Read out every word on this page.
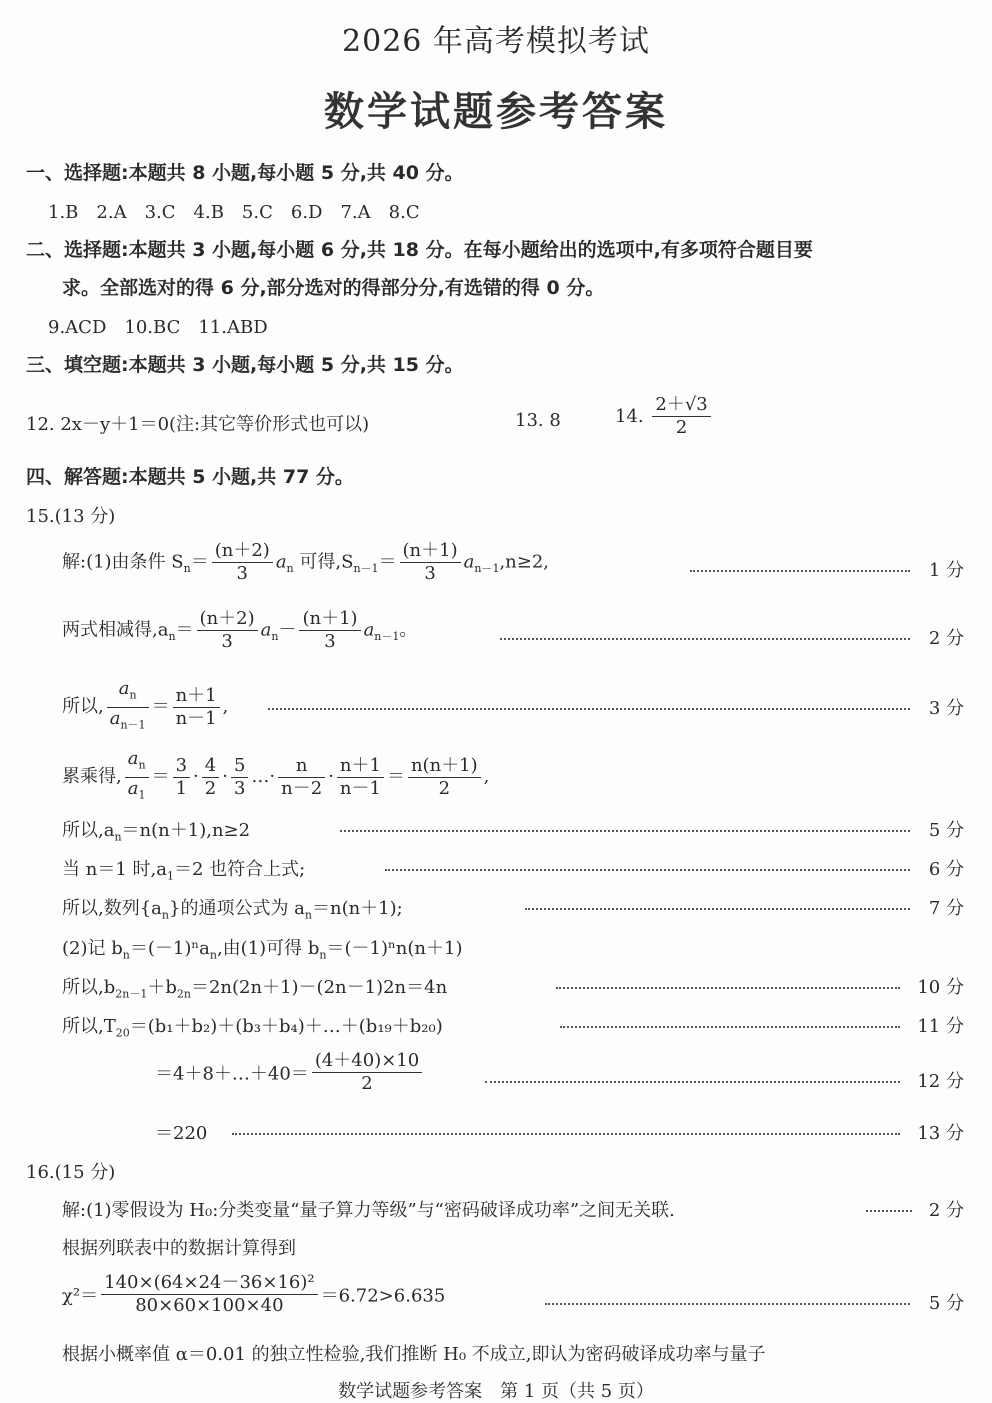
2026 年高考模拟考试
数学试题参考答案
一、选择题:本题共 8 小题,每小题 5 分,共 40 分。
1.B　2.A　3.C　4.B　5.C　6.D　7.A　8.C
二、选择题:本题共 3 小题,每小题 6 分,共 18 分。在每小题给出的选项中,有多项符合题目要
求。全部选对的得 6 分,部分选对的得部分分,有选错的得 0 分。
9.ACD　10.BC　11.ABD
三、填空题:本题共 3 小题,每小题 5 分,共 15 分。
12. 2x－y＋1＝0(注:其它等价形式也可以)	13. 8	14. $\frac{2+√3}{2}$
四、解答题:本题共 5 小题,共 77 分。
15.(13 分)
解:(1)由条件 $S_n= \frac{(n+2)}{3} a_n$ 可得$,S_{n-1}= \frac{(n+1)}{3} a_{n-1},n\ge 2$,	1 分
两式相减得$,a_n= \frac{(n+2)}{3} a_n- \frac{(n+1)}{3} a_{n-1}$。	2 分
所以, $\frac{a_n}{a_{n-1}} = \frac{n+1}{n-1}$ ,	3 分
累乘得, $\frac{a_n}{a_1} = \frac{3}{1} \cdot \frac{4}{2} \cdot \frac{5}{3}$ …· $\frac{n}{n-2} \cdot \frac{n+1}{n-1} = \frac{n(n+1)}{2}$ ,
所以$,a_n=n(n+1),n\ge 2$	5 分
当 n＝1 时$,a_1=2$ 也符合上式;	6 分
所以,数列$\{a_n\}$的通项公式为 $a_n=n(n+1)$;	7 分
(2)记 $b_n=(-1)^na_n$,由(1)可得 $b_n=(-1)^nn(n+1)$
所以$,b_{2n-1}+b_{2n}=2n(2n+1)-(2n-1)2n=4n$	10 分
所以$,T_{20}=(b_1+b_2)+(b_3+b_4)+\dots+(b_{19}+b_{20})$	11 分
＝4＋8＋…＋40＝ $\frac{(4+40)\times 10}{2}$	12 分
＝220	13 分
16.(15 分)
解:(1)零假设为 H₀:分类变量“量子算力等级”与“密码破译成功率”之间无关联.	2 分
根据列联表中的数据计算得到
$\chi^2= \frac{\text{140×(64×24－36×16)²}}{80\times 60\times 100\times 40} =6.72>6.635$	5 分
根据小概率值 α＝0.01 的独立性检验,我们推断 H₀ 不成立,即认为密码破译成功率与量子
数学试题参考答案　第 1 页（共 5 页）
